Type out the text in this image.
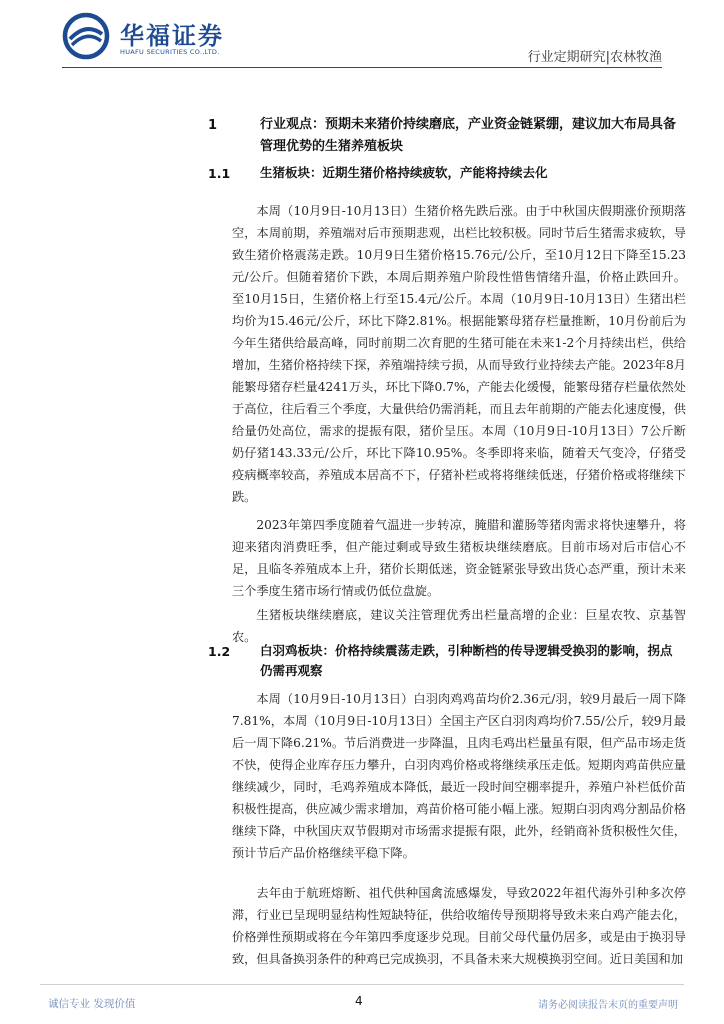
华福证券
HUAFU SECURITIES CO.,LTD.	行业定期研究|农林牧渔
1	行业观点：预期未来猪价持续磨底，产业资金链紧绷，建议加大布局具备管理优势的生猪养殖板块
1.1 生猪板块：近期生猪价格持续疲软，产能将持续去化
本周（10月9日-10月13日）生猪价格先跌后涨。由于中秋国庆假期涨价预期落空，本周前期，养殖端对后市预期悲观，出栏比较积极。同时节后生猪需求疲软，导致生猪价格震荡走跌。10月9日生猪价格15.76元/公斤，至10月12日下降至15.23元/公斤。但随着猪价下跌，本周后期养殖户阶段性惜售情绪升温，价格止跌回升。至10月15日，生猪价格上行至15.4元/公斤。本周（10月9日-10月13日）生猪出栏均价为15.46元/公斤，环比下降2.81%。根据能繁母猪存栏量推断，10月份前后为今年生猪供给最高峰，同时前期二次育肥的生猪可能在未来1-2个月持续出栏，供给增加，生猪价格持续下探，养殖端持续亏损，从而导致行业持续去产能。2023年8月能繁母猪存栏量4241万头，环比下降0.7%，产能去化缓慢，能繁母猪存栏量依然处于高位，往后看三个季度，大量供给仍需消耗，而且去年前期的产能去化速度慢，供给量仍处高位，需求的提振有限，猪价呈压。本周（10月9日-10月13日）7公斤断奶仔猪143.33元/公斤，环比下降10.95%。冬季即将来临，随着天气变冷，仔猪受疫病概率较高，养殖成本居高不下，仔猪补栏或将将继续低迷，仔猪价格或将继续下跌。
2023年第四季度随着气温进一步转凉，腌腊和灌肠等猪肉需求将快速攀升，将迎来猪肉消费旺季，但产能过剩或导致生猪板块继续磨底。目前市场对后市信心不足，且临冬养殖成本上升，猪价长期低迷，资金链紧张导致出货心态严重，预计未来三个季度生猪市场行情或仍低位盘旋。
生猪板块继续磨底，建议关注管理优秀出栏量高增的企业：巨星农牧、京基智农。
1.2 白羽鸡板块：价格持续震荡走跌，引种断档的传导逻辑受换羽的影响，拐点仍需再观察
本周（10月9日-10月13日）白羽肉鸡鸡苗均价2.36元/羽，较9月最后一周下降7.81%，本周（10月9日-10月13日）全国主产区白羽肉鸡均价7.55/公斤，较9月最后一周下降6.21%。节后消费进一步降温，且肉毛鸡出栏量虽有限，但产品市场走货不快，使得企业库存压力攀升，白羽肉鸡价格或将继续承压走低。短期肉鸡苗供应量继续减少，同时，毛鸡养殖成本降低，最近一段时间空棚率提升，养殖户补栏低价苗积极性提高，供应减少需求增加，鸡苗价格可能小幅上涨。短期白羽肉鸡分割品价格继续下降，中秋国庆双节假期对市场需求提振有限，此外，经销商补货积极性欠佳，预计节后产品价格继续平稳下降。
去年由于航班熔断、祖代供种国禽流感爆发，导致2022年祖代海外引种多次停滞，行业已呈现明显结构性短缺特征，供给收缩传导预期将导致未来白鸡产能去化，价格弹性预期或将在今年第四季度逐步兑现。目前父母代量仍居多，或是由于换羽导致，但具备换羽条件的种鸡已完成换羽，不具备未来大规模换羽空间。近日美国和加
诚信专业 发现价值	4	请务必阅读报告末页的重要声明
